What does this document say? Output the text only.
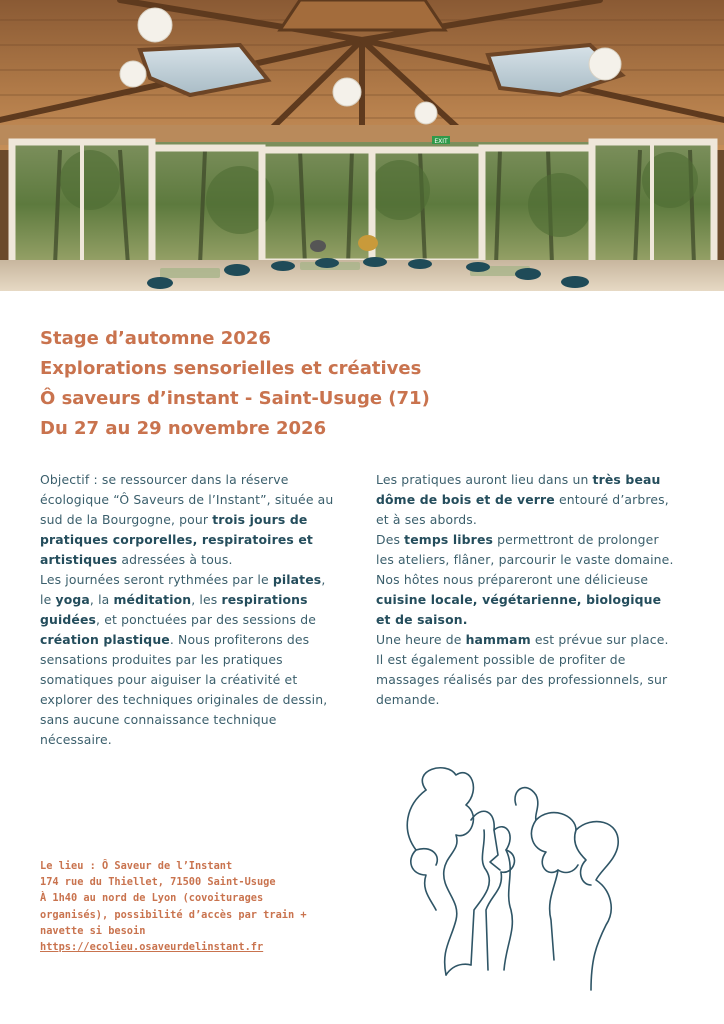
EXIT
Stage d’automne 2026
Explorations sensorielles et créatives
Ô saveurs d’instant - Saint-Usuge (71)
Du 27 au 29 novembre 2026

Objectif : se ressourcer dans la réserve écologique “Ô Saveurs de l’Instant”, située au sud de la Bourgogne, pour trois jours de pratiques corporelles, respiratoires et artistiques adressées à tous.

Les journées seront rythmées par le pilates, le yoga, la méditation, les respirations guidées, et ponctuées par des sessions de création plastique. Nous profiterons des sensations produites par les pratiques somatiques pour aiguiser la créativité et explorer des techniques originales de dessin, sans aucune connaissance technique nécessaire.

Les pratiques auront lieu dans un très beau dôme de bois et de verre entouré d’arbres, et à ses abords.

Des temps libres permettront de prolonger les ateliers, flâner, parcourir le vaste domaine.

Nos hôtes nous prépareront une délicieuse cuisine locale, végétarienne, biologique et de saison.

Une heure de hammam est prévue sur place. Il est également possible de profiter de massages réalisés par des professionnels, sur demande.

Le lieu : Ô Saveur de l’Instant
174 rue du Thiellet, 71500 Saint-Usuge
À 1h40 au nord de Lyon (covoiturages organisés), possibilité d’accès par train + navette si besoin
https://ecolieu.osaveurdelinstant.fr
